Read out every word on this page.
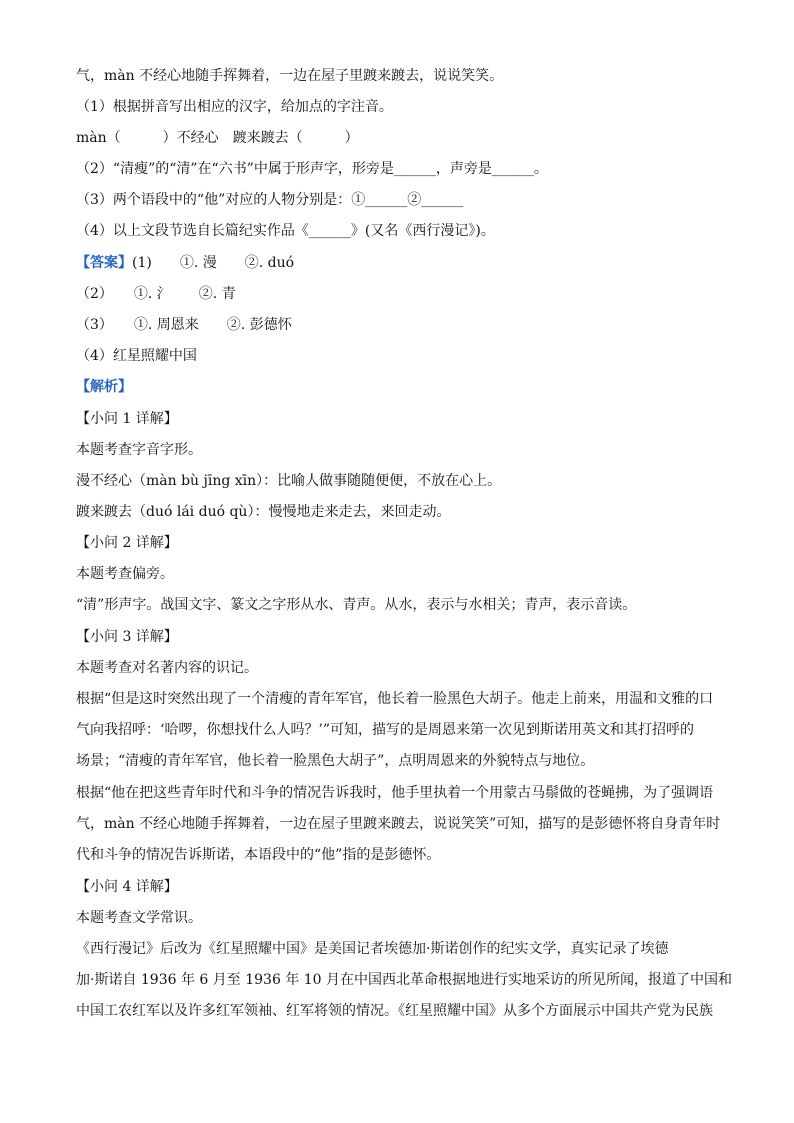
气，màn 不经心地随手挥舞着，一边在屋子里踱来踱去，说说笑笑。
（1）根据拼音写出相应的汉字，给加点的字注音。
màn（　　　）不经心　踱来踱去（　　　）
（2）“清瘦”的“清”在“六书”中属于形声字，形旁是______，声旁是______。
（3）两个语段中的“他”对应的人物分别是：①______②______
（4）以上文段节选自长篇纪实作品《______》(又名《西行漫记》)。
【答案】(1)　　①. 漫　　②. duó
（2）　　①. 氵　　②. 青
（3）　　①. 周恩来　　②. 彭德怀
（4）红星照耀中国
【解析】
【小问 1 详解】
本题考查字音字形。
漫不经心（màn bù jīng xīn）：比喻人做事随随便便，不放在心上。
踱来踱去（duó lái duó qù）：慢慢地走来走去，来回走动。
【小问 2 详解】
本题考查偏旁。
“清”形声字。战国文字、篆文之字形从水、青声。从水，表示与水相关；青声，表示音读。
【小问 3 详解】
本题考查对名著内容的识记。
根据“但是这时突然出现了一个清瘦的青年军官，他长着一脸黑色大胡子。他走上前来，用温和文雅的口
气向我招呼：‘哈啰，你想找什么人吗？’”可知，描写的是周恩来第一次见到斯诺用英文和其打招呼的
场景；“清瘦的青年军官，他长着一脸黑色大胡子”，点明周恩来的外貌特点与地位。
根据“他在把这些青年时代和斗争的情况告诉我时，他手里执着一个用蒙古马鬃做的苍蝇拂，为了强调语
气，màn 不经心地随手挥舞着，一边在屋子里踱来踱去，说说笑笑”可知，描写的是彭德怀将自身青年时
代和斗争的情况告诉斯诺，本语段中的“他”指的是彭德怀。
【小问 4 详解】
本题考查文学常识。
《西行漫记》后改为《红星照耀中国》是美国记者埃德加·斯诺创作的纪实文学，真实记录了埃德
加·斯诺自 1936 年 6 月至 1936 年 10 月在中国西北革命根据地进行实地采访的所见所闻，报道了中国和
中国工农红军以及许多红军领袖、红军将领的情况。《红星照耀中国》从多个方面展示中国共产党为民族
